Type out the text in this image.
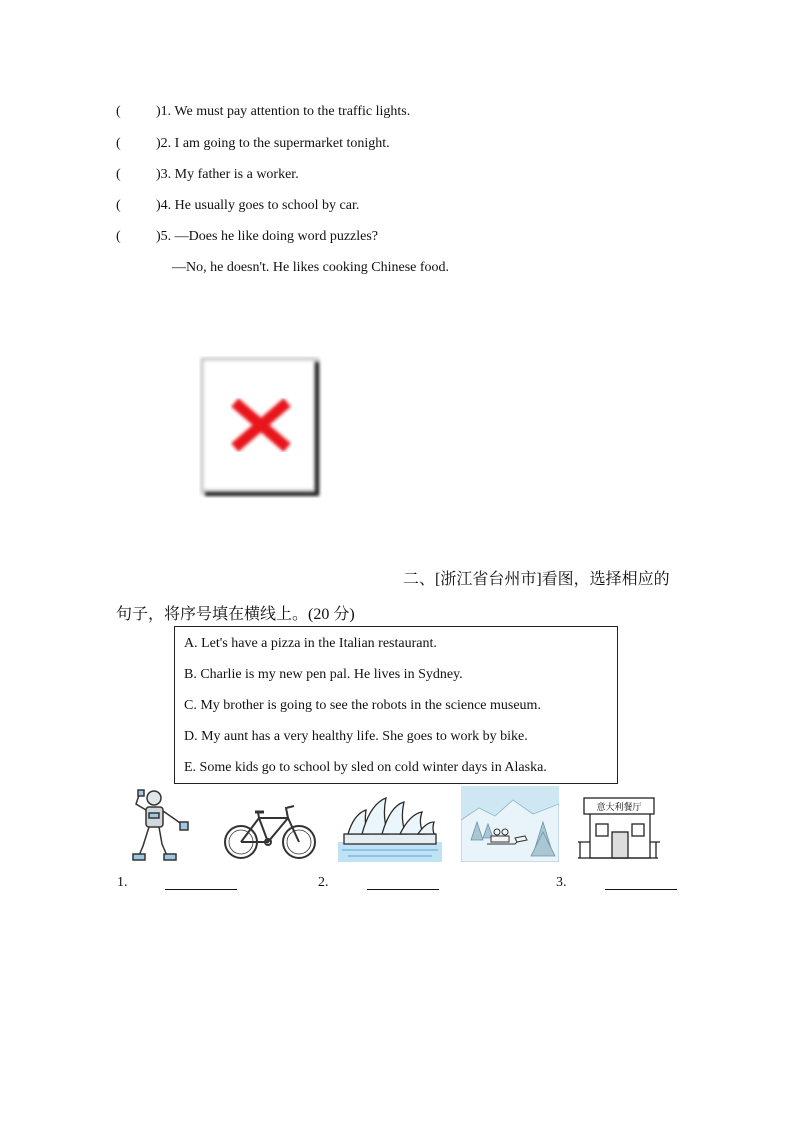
(	)1. We must pay attention to the traffic lights.
(	)2. I am going to the supermarket tonight.
(	)3. My father is a worker.
(	)4. He usually goes to school by car.
(	)5. —Does he like doing word puzzles?
—No, he doesn't. He likes cooking Chinese food.
二、[浙江省台州市]看图，选择相应的
句子，将序号填在横线上。(20 分)
A. Let's have a pizza in the Italian restaurant.
B. Charlie is my new pen pal. He lives in Sydney.
C. My brother is going to see the robots in the science museum.
D. My aunt has a very healthy life. She goes to work by bike.
E. Some kids go to school by sled on cold winter days in Alaska.
意大利餐厅
1.	2.	3.
